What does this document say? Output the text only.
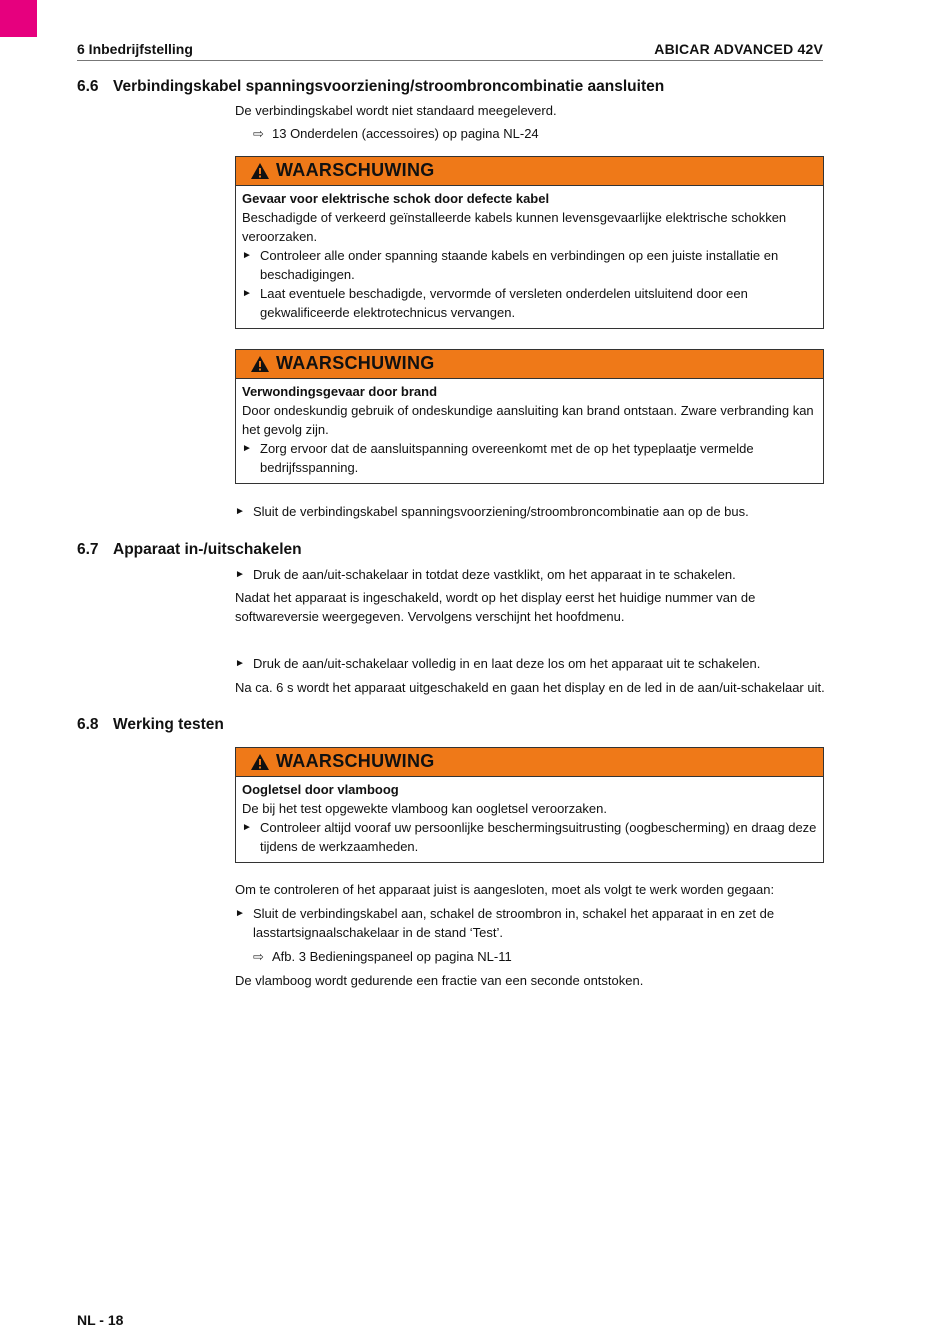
6 Inbedrijfstelling	ABICAR ADVANCED 42V
6.6 Verbindingskabel spanningsvoorziening/stroombroncombinatie aansluiten
De verbindingskabel wordt niet standaard meegeleverd.
⇨ 13 Onderdelen (accessoires) op pagina NL-24
WAARSCHUWING
Gevaar voor elektrische schok door defecte kabel
Beschadigde of verkeerd geïnstalleerde kabels kunnen levensgevaarlijke elektrische schokken veroorzaken.
► Controleer alle onder spanning staande kabels en verbindingen op een juiste installatie en beschadigingen.
► Laat eventuele beschadigde, vervormde of versleten onderdelen uitsluitend door een gekwalificeerde elektrotechnicus vervangen.
WAARSCHUWING
Verwondingsgevaar door brand
Door ondeskundig gebruik of ondeskundige aansluiting kan brand ontstaan. Zware verbranding kan het gevolg zijn.
► Zorg ervoor dat de aansluitspanning overeenkomt met de op het typeplaatje vermelde bedrijfsspanning.
► Sluit de verbindingskabel spanningsvoorziening/stroombroncombinatie aan op de bus.
6.7 Apparaat in-/uitschakelen
► Druk de aan/uit-schakelaar in totdat deze vastklikt, om het apparaat in te schakelen.
Nadat het apparaat is ingeschakeld, wordt op het display eerst het huidige nummer van de softwareversie weergegeven. Vervolgens verschijnt het hoofdmenu.
► Druk de aan/uit-schakelaar volledig in en laat deze los om het apparaat uit te schakelen.
Na ca. 6 s wordt het apparaat uitgeschakeld en gaan het display en de led in de aan/uit-schakelaar uit.
6.8 Werking testen
WAARSCHUWING
Oogletsel door vlamboog
De bij het test opgewekte vlamboog kan oogletsel veroorzaken.
► Controleer altijd vooraf uw persoonlijke beschermingsuitrusting (oogbescherming) en draag deze tijdens de werkzaamheden.
Om te controleren of het apparaat juist is aangesloten, moet als volgt te werk worden gegaan:
► Sluit de verbindingskabel aan, schakel de stroombron in, schakel het apparaat in en zet de lasstartsignaalschakelaar in de stand ‘Test’.
⇨ Afb. 3 Bedieningspaneel op pagina NL-11
De vlamboog wordt gedurende een fractie van een seconde ontstoken.
NL - 18
